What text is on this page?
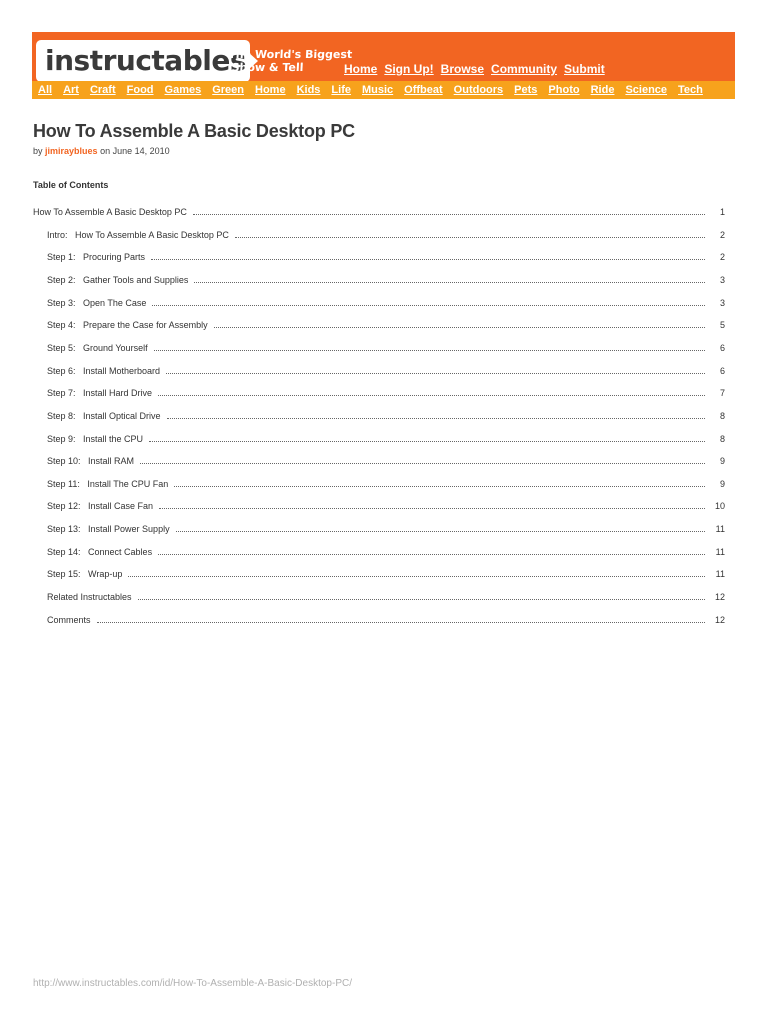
instructables
The World's Biggest
Show & Tell	Home Sign Up! Browse Community Submit
All Art Craft Food Games Green Home Kids Life Music Offbeat Outdoors Pets Photo Ride Science Tech
How To Assemble A Basic Desktop PC
by jimirayblues on June 14, 2010
Table of Contents
How To Assemble A Basic Desktop PC	1
Intro:   How To Assemble A Basic Desktop PC	2
Step 1:   Procuring Parts	2
Step 2:   Gather Tools and Supplies	3
Step 3:   Open The Case	3
Step 4:   Prepare the Case for Assembly	5
Step 5:   Ground Yourself	6
Step 6:   Install Motherboard	6
Step 7:   Install Hard Drive	7
Step 8:   Install Optical Drive	8
Step 9:   Install the CPU	8
Step 10:   Install RAM	9
Step 11:   Install The CPU Fan	9
Step 12:   Install Case Fan	10
Step 13:   Install Power Supply	11
Step 14:   Connect Cables	11
Step 15:   Wrap-up	11
Related Instructables	12
Comments	12
http://www.instructables.com/id/How-To-Assemble-A-Basic-Desktop-PC/
